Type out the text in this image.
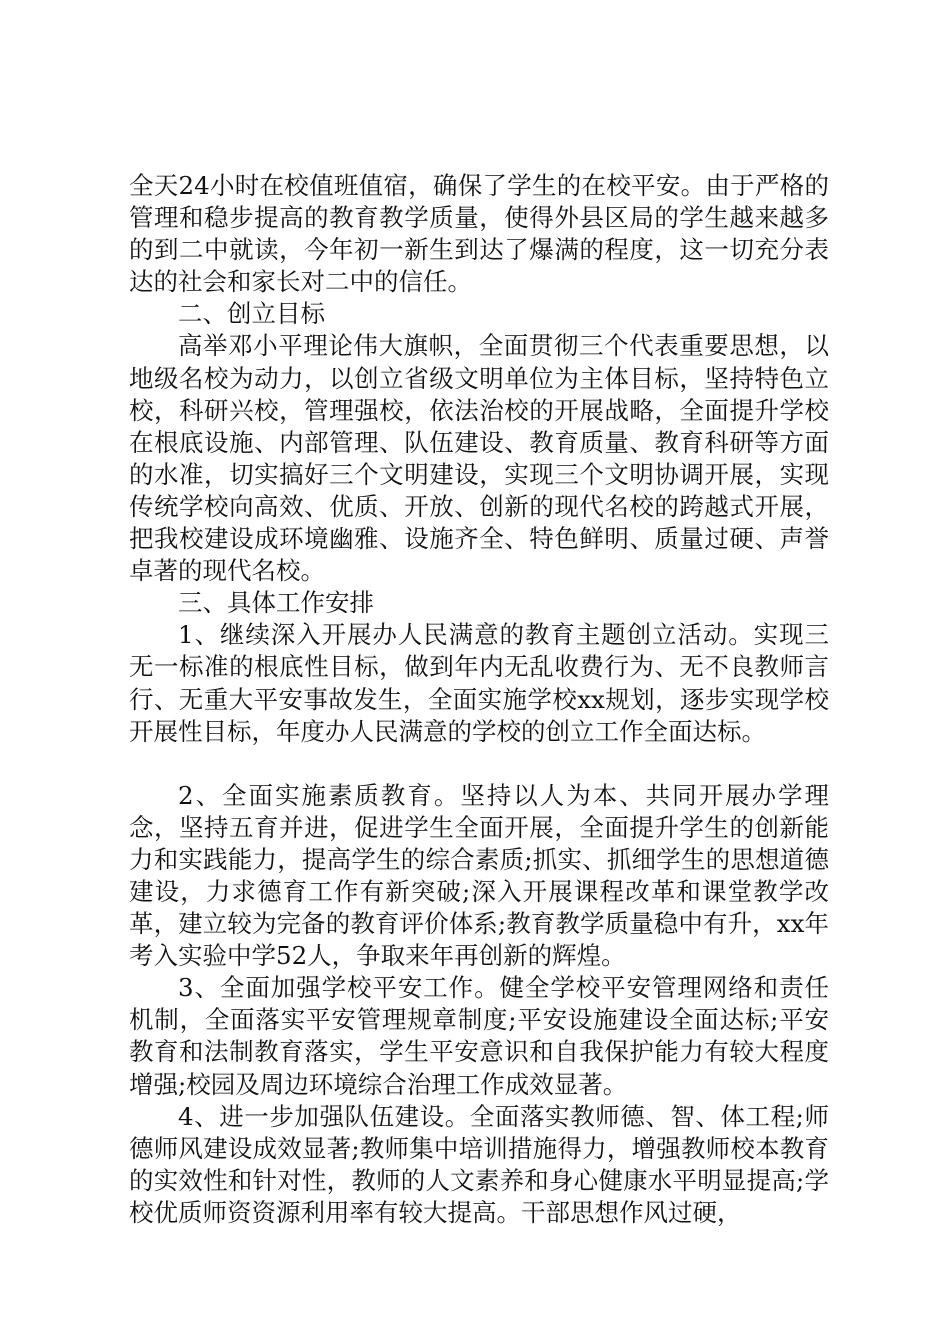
全天24小时在校值班值宿，确保了学生的在校平安。由于严格的管理和稳步提高的教育教学质量，使得外县区局的学生越来越多的到二中就读，今年初一新生到达了爆满的程度，这一切充分表达的社会和家长对二中的信任。

二、创立目标

高举邓小平理论伟大旗帜，全面贯彻三个代表重要思想，以地级名校为动力，以创立省级文明单位为主体目标，坚持特色立校，科研兴校，管理强校，依法治校的开展战略，全面提升学校在根底设施、内部管理、队伍建设、教育质量、教育科研等方面的水准，切实搞好三个文明建设，实现三个文明协调开展，实现传统学校向高效、优质、开放、创新的现代名校的跨越式开展，把我校建设成环境幽雅、设施齐全、特色鲜明、质量过硬、声誉卓著的现代名校。

三、具体工作安排

1、继续深入开展办人民满意的教育主题创立活动。实现三无一标准的根底性目标，做到年内无乱收费行为、无不良教师言行、无重大平安事故发生，全面实施学校xx规划，逐步实现学校开展性目标，年度办人民满意的学校的创立工作全面达标。

2、全面实施素质教育。坚持以人为本、共同开展办学理念，坚持五育并进，促进学生全面开展，全面提升学生的创新能力和实践能力，提高学生的综合素质;抓实、抓细学生的思想道德建设，力求德育工作有新突破;深入开展课程改革和课堂教学改革，建立较为完备的教育评价体系;教育教学质量稳中有升，xx年考入实验中学52人，争取来年再创新的辉煌。

3、全面加强学校平安工作。健全学校平安管理网络和责任机制，全面落实平安管理规章制度;平安设施建设全面达标;平安教育和法制教育落实，学生平安意识和自我保护能力有较大程度增强;校园及周边环境综合治理工作成效显著。

4、进一步加强队伍建设。全面落实教师德、智、体工程;师德师风建设成效显著;教师集中培训措施得力，增强教师校本教育的实效性和针对性，教师的人文素养和身心健康水平明显提高;学校优质师资资源利用率有较大提高。干部思想作风过硬，
